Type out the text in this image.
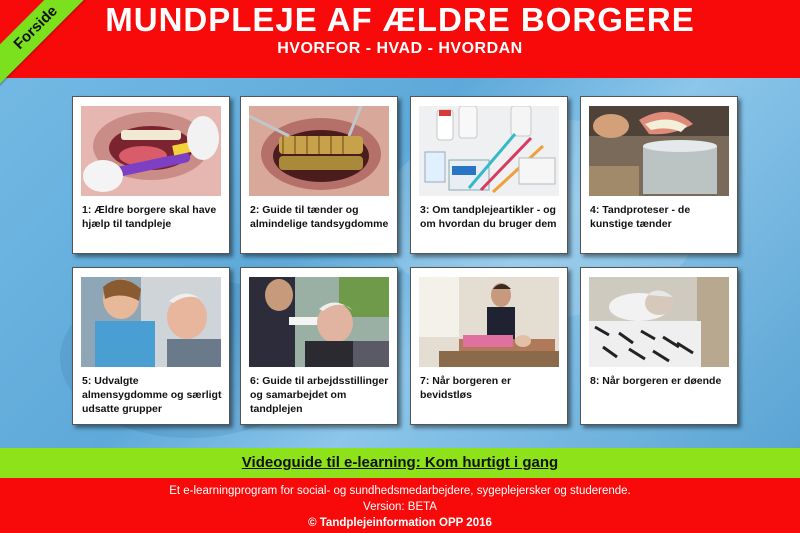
MUNDPLEJE AF ÆLDRE BORGERE
HVORFOR - HVAD - HVORDAN
Forside
1: Ældre borgere skal have hjælp til tandpleje
2: Guide til tænder og almindelige tandsygdomme
3: Om tandplejeartikler - og om hvordan du bruger dem
4: Tandproteser - de kunstige tænder
5: Udvalgte almensygdomme og særligt udsatte grupper
6: Guide til arbejdsstillinger og samarbejdet om tandplejen
7: Når borgeren er bevidstløs
8: Når borgeren er døende
Videoguide til e-learning: Kom hurtigt i gang
Et e-learningprogram for social- og sundhedsmedarbejdere, sygeplejersker og studerende.
Version: BETA
© Tandplejeinformation OPP 2016
